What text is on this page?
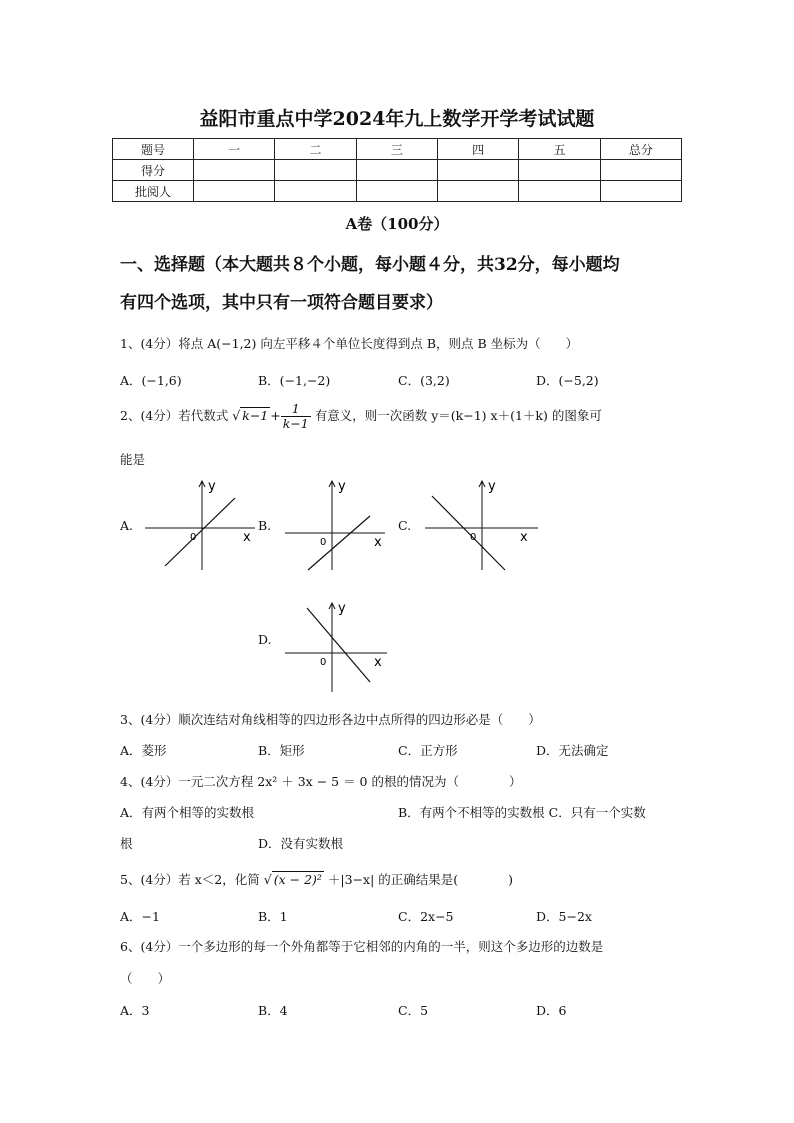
益阳市重点中学2024年九上数学开学考试试题
题号	一	二	三	四	五	总分
得分						
批阅人						
A卷（100分）
一、选择题（本大题共８个小题，每小题４分，共32分，每小题均
有四个选项，其中只有一项符合题目要求）
1、(4分）将点 A(−1,2) 向左平移４个单位长度得到点 B，则点 B 坐标为（　　）
A．(−1,6)	B．(−1,−2)	C．(3,2)	D．(−5,2)
2、(4分）若代数式 √ $k-1 + \frac{1}{k-1}$ 有意义，则一次函数 y＝(k−1) x＋(1＋k) 的图象可
能是
A.	B.	C.
D.
y
x
0
y
x
0
y
x
0
y
x
0
3、(4分）顺次连结对角线相等的四边形各边中点所得的四边形必是（　　）
A．菱形	B．矩形	C．正方形	D．无法确定
4、(4分）一元二次方程 2x² ＋ 3x − 5 ＝ 0 的根的情况为（　　　　）
A．有两个相等的实数根	B．有两个不相等的实数根 C．只有一个实数
根	D．没有实数根
5、(4分）若 x＜2，化简 √ (x − 2)² ＋|3−x| 的正确结果是(　　　　)
A．−1	B．1	C．2x−5	D．5−2x
6、(4分）一个多边形的每一个外角都等于它相邻的内角的一半，则这个多边形的边数是
（　　）
A．3	B．4	C．5	D．6
